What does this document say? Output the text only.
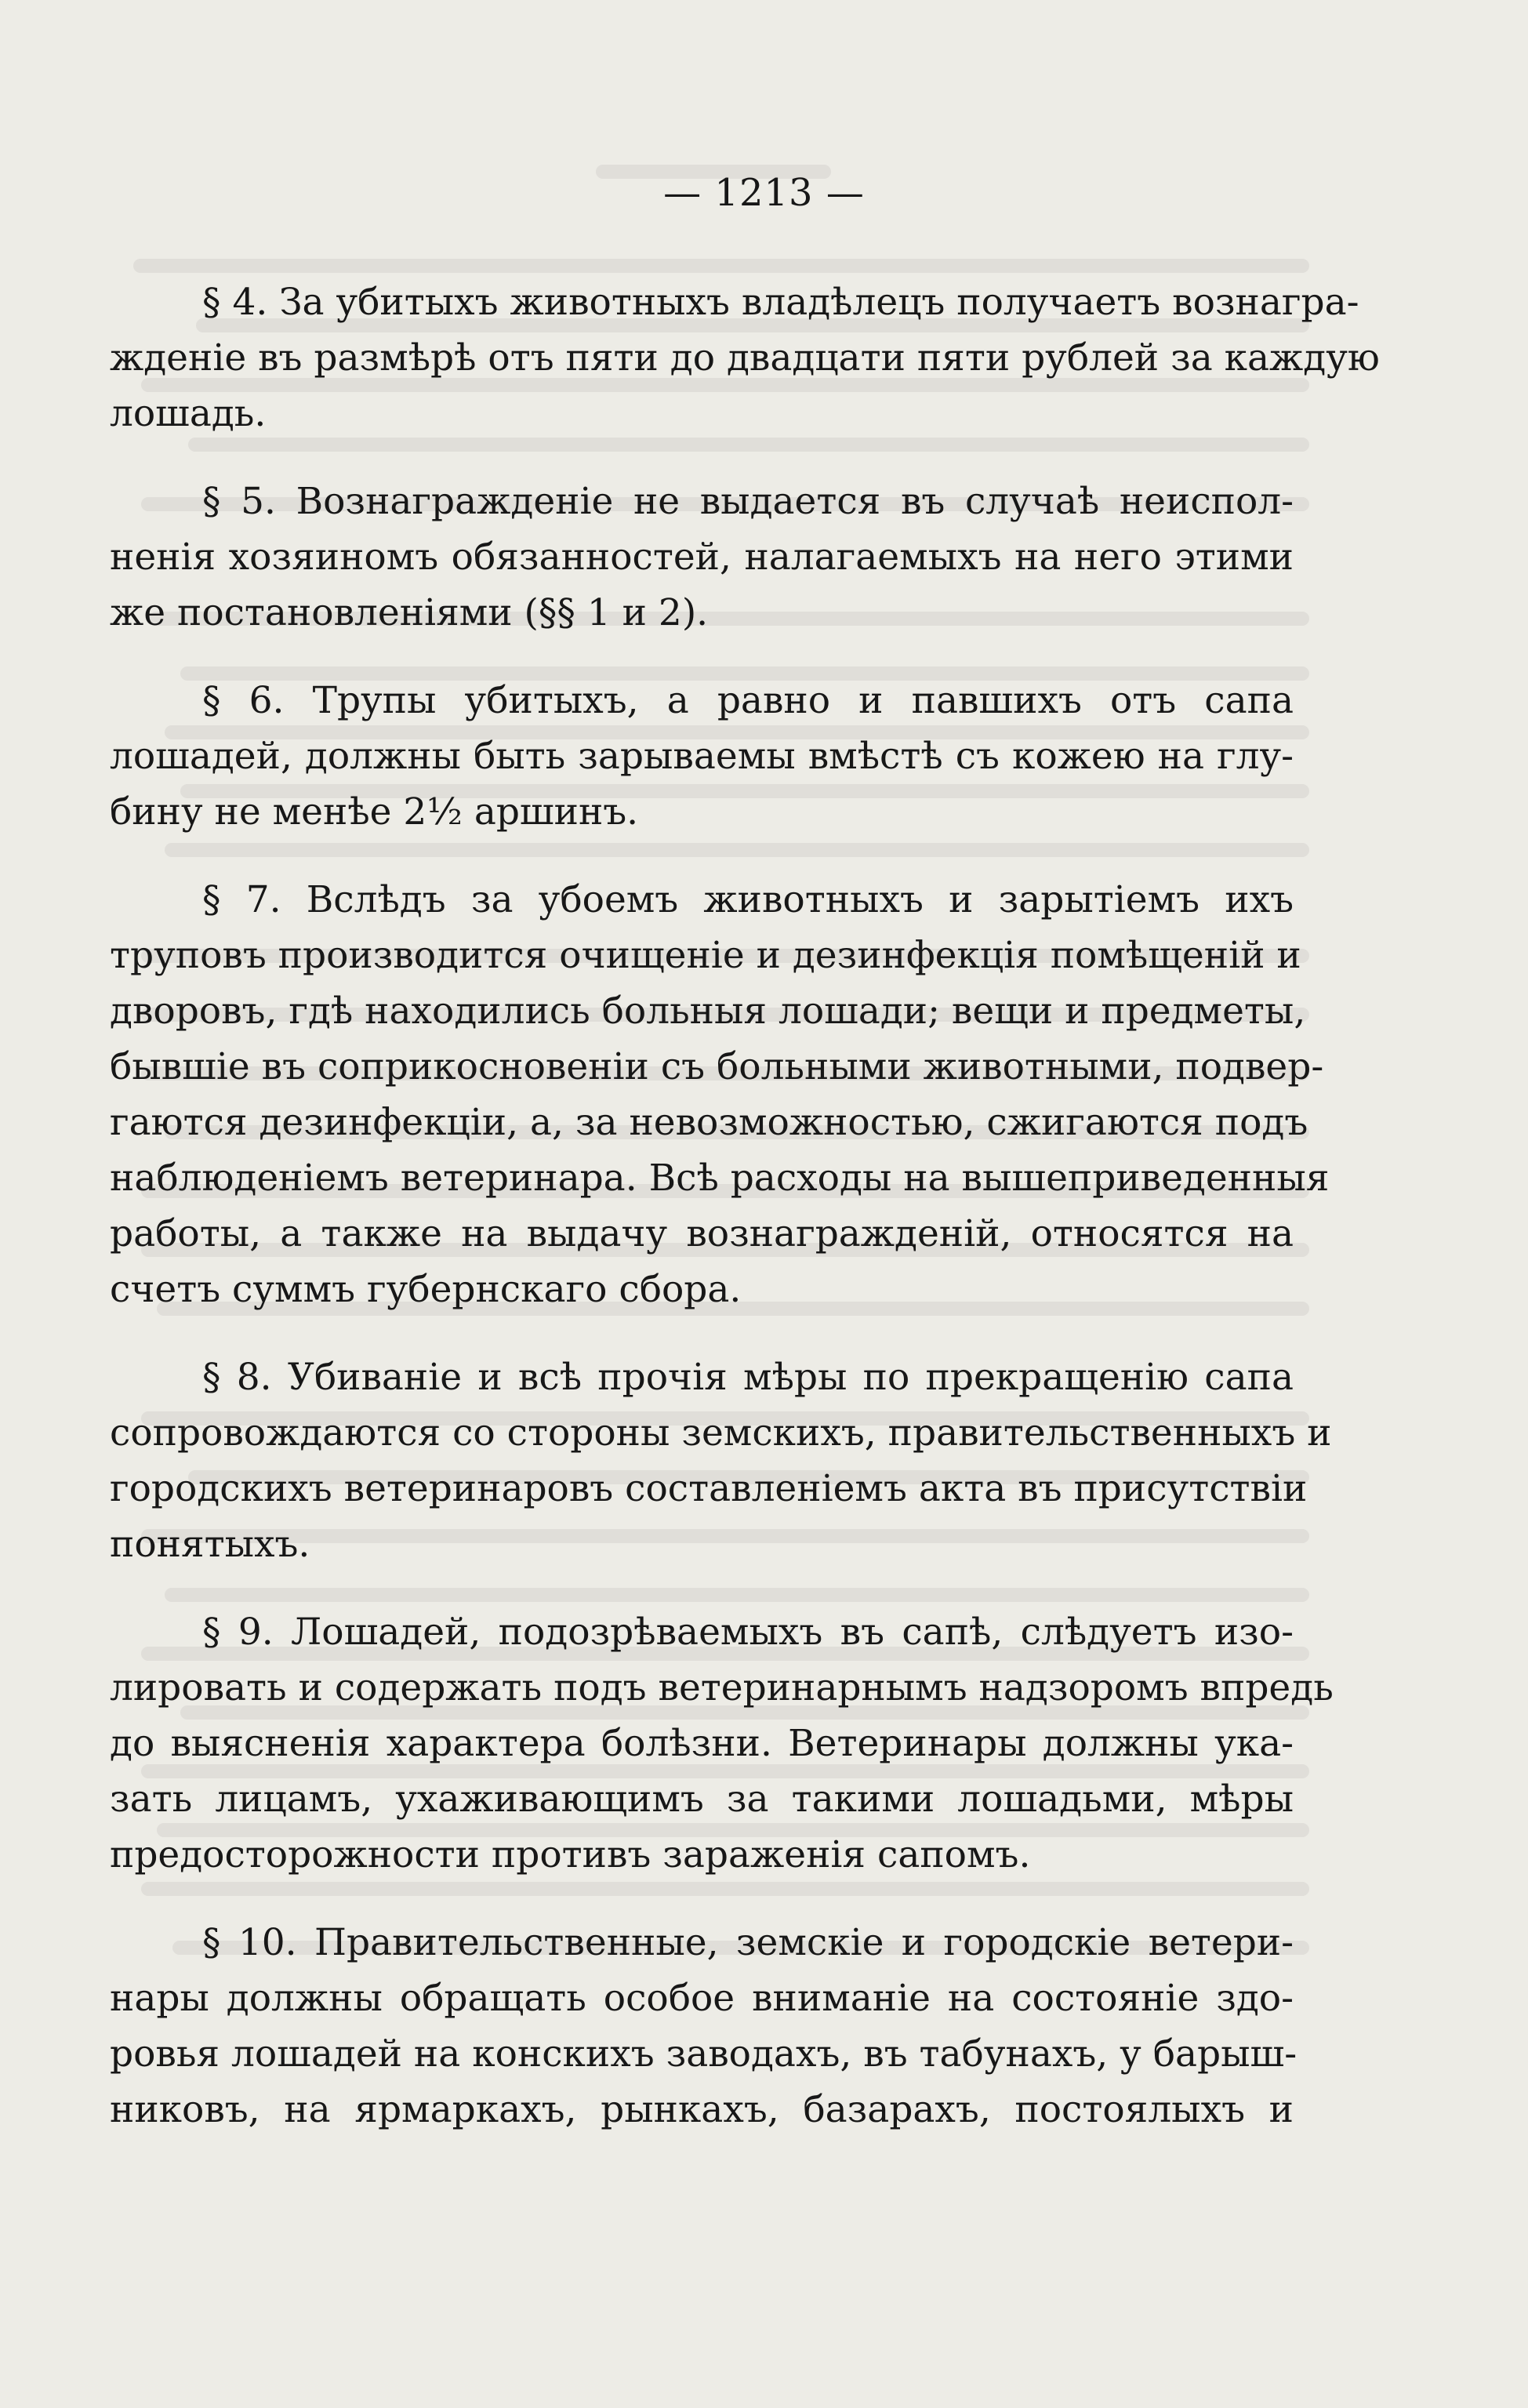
— 1213 —
§ 4. За убитыхъ животныхъ владѣлецъ получаетъ вознагра-
жденіе въ размѣрѣ отъ пяти до двадцати пяти рублей за каждую
лошадь.
§ 5. Вознагражденіе не выдается въ случаѣ неиспол-
ненія хозяиномъ обязанностей, налагаемыхъ на него этими
же постановленіями (§§ 1 и 2).
§ 6. Трупы убитыхъ, а равно и павшихъ отъ сапа
лошадей, должны быть зарываемы вмѣстѣ съ кожею на глу-
бину не менѣе 2½ аршинъ.
§ 7. Вслѣдъ за убоемъ животныхъ и зарытіемъ ихъ
труповъ производится очищеніе и дезинфекція помѣщеній и
дворовъ, гдѣ находились больныя лошади; вещи и предметы,
бывшіе въ соприкосновеніи съ больными животными, подвер-
гаются дезинфекціи, а, за невозможностью, сжигаются подъ
наблюденіемъ ветеринара. Всѣ расходы на вышеприведенныя
работы, а также на выдачу вознагражденій, относятся на
счетъ суммъ губернскаго сбора.
§ 8. Убиваніе и всѣ прочія мѣры по прекращенію сапа
сопровождаются со стороны земскихъ, правительственныхъ и
городскихъ ветеринаровъ составленіемъ акта въ присутствіи
понятыхъ.
§ 9. Лошадей, подозрѣваемыхъ въ сапѣ, слѣдуетъ изо-
лировать и содержать подъ ветеринарнымъ надзоромъ впредь
до выясненія характера болѣзни. Ветеринары должны ука-
зать лицамъ, ухаживающимъ за такими лошадьми, мѣры
предосторожности противъ зараженія сапомъ.
§ 10. Правительственные, земскіе и городскіе ветери-
нары должны обращать особое вниманіе на состояніе здо-
ровья лошадей на конскихъ заводахъ, въ табунахъ, у барыш-
никовъ, на ярмаркахъ, рынкахъ, базарахъ, постоялыхъ и
